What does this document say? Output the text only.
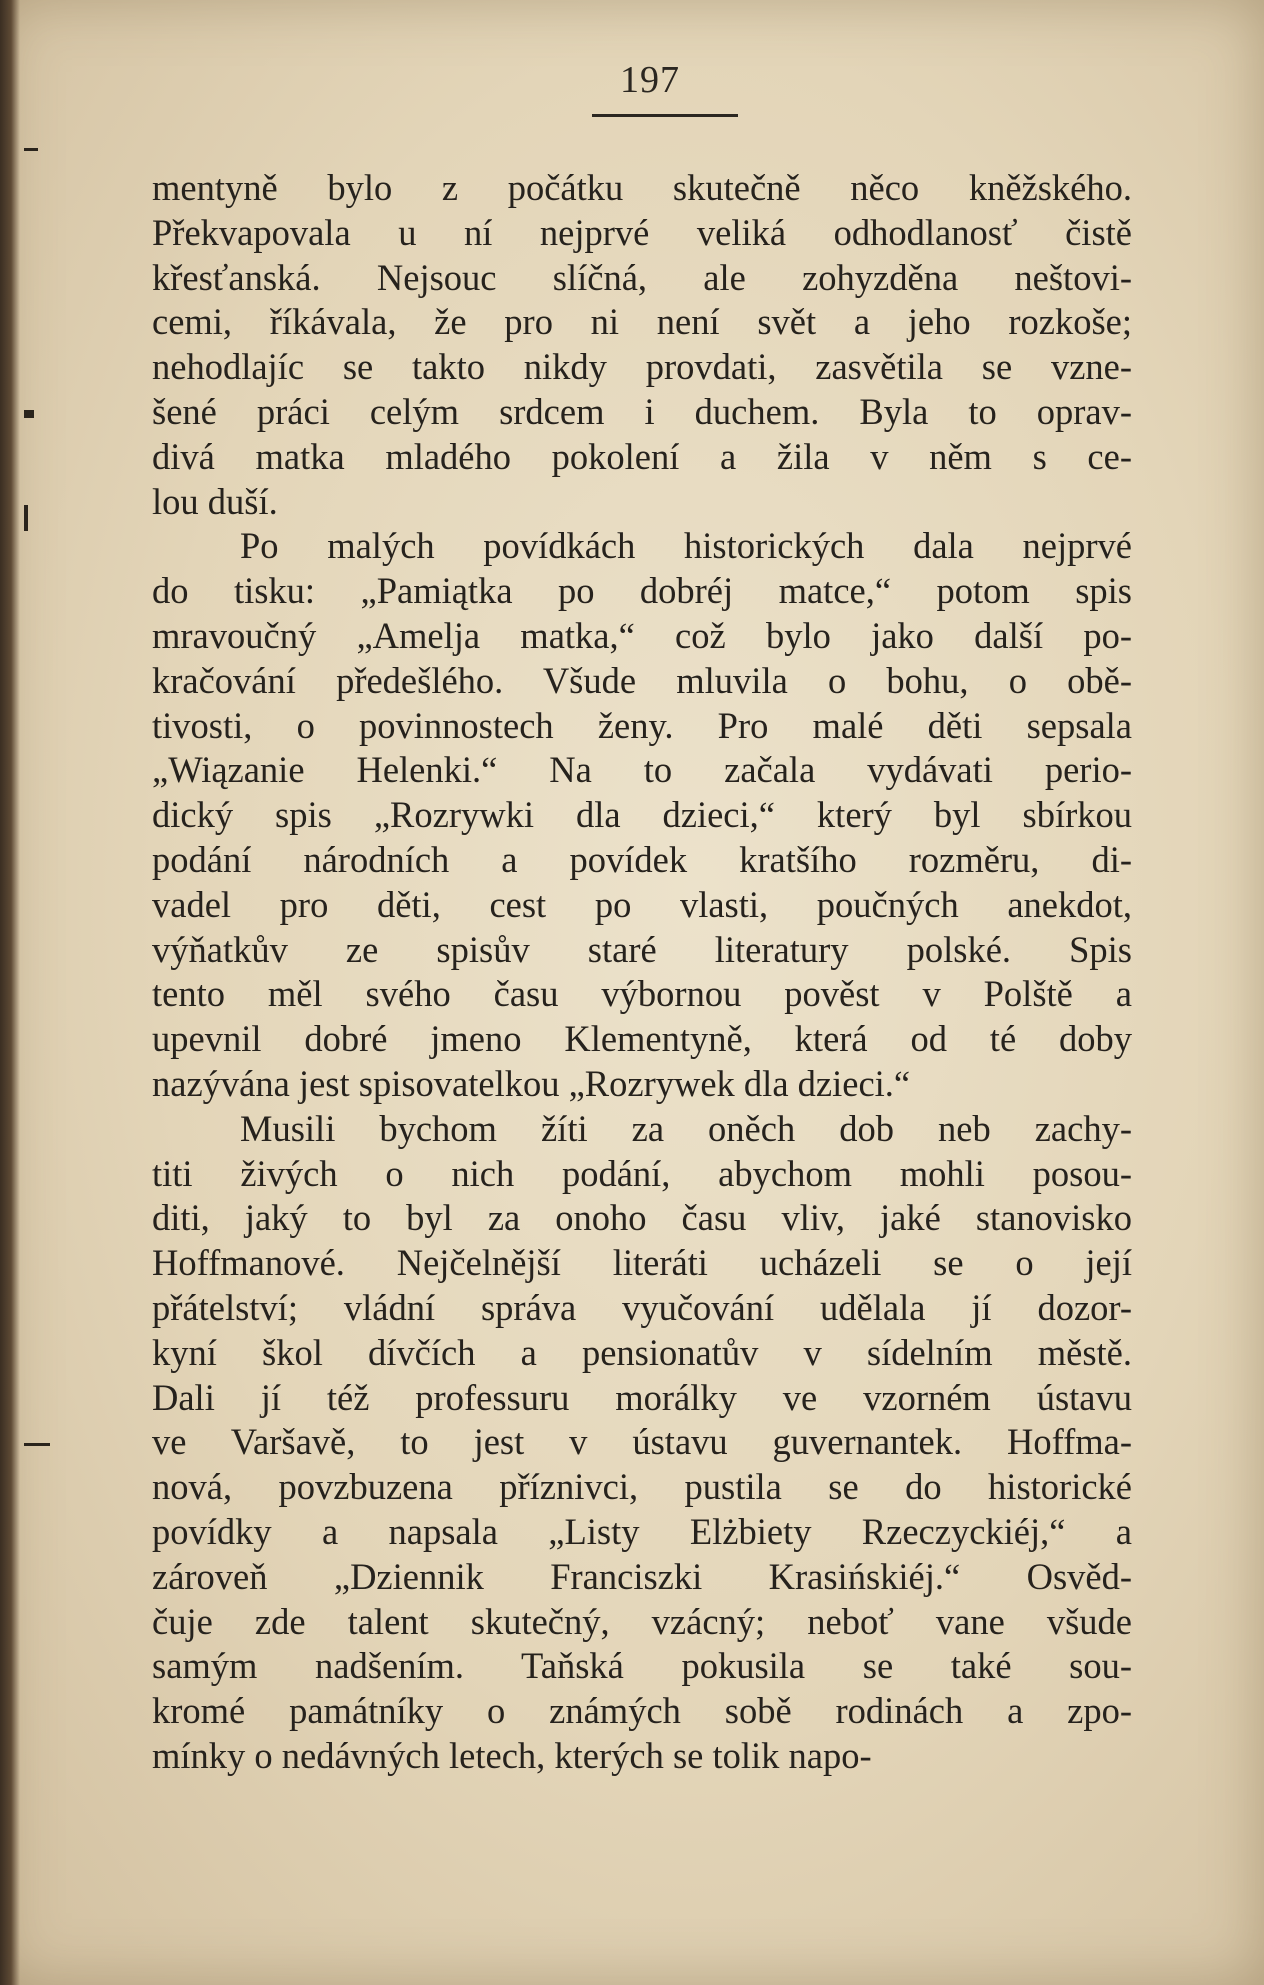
197
mentyně bylo z počátku skutečně něco kněžského.
Překvapovala u ní nejprvé veliká odhodlanosť čistě
křesťanská. Nejsouc slíčná, ale zohyzděna neštovi-
cemi, říkávala, že pro ni není svět a jeho rozkoše;
nehodlajíc se takto nikdy provdati, zasvětila se vzne-
šené práci celým srdcem i duchem. Byla to oprav-
divá matka mladého pokolení a žila v něm s ce-
lou duší.
Po malých povídkách historických dala nejprvé
do tisku: „Pamiątka po dobréj matce,“ potom spis
mravoučný „Amelja matka,“ což bylo jako další po-
kračování předešlého. Všude mluvila o bohu, o obě-
tivosti, o povinnostech ženy. Pro malé děti sepsala
„Wiązanie Helenki.“ Na to začala vydávati perio-
dický spis „Rozrywki dla dzieci,“ který byl sbírkou
podání národních a povídek kratšího rozměru, di-
vadel pro děti, cest po vlasti, poučných anekdot,
výňatkův ze spisův staré literatury polské. Spis
tento měl svého času výbornou pověst v Polště a
upevnil dobré jmeno Klementyně, která od té doby
nazývána jest spisovatelkou „Rozrywek dla dzieci.“
Musili bychom žíti za oněch dob neb zachy-
titi živých o nich podání, abychom mohli posou-
diti, jaký to byl za onoho času vliv, jaké stanovisko
Hoffmanové. Nejčelnější literáti ucházeli se o její
přátelství; vládní správa vyučování udělala jí dozor-
kyní škol dívčích a pensionatův v sídelním městě.
Dali jí též professuru morálky ve vzorném ústavu
ve Varšavě, to jest v ústavu guvernantek. Hoffma-
nová, povzbuzena příznivci, pustila se do historické
povídky a napsala „Listy Elżbiety Rzeczyckiéj,“ a
zároveň „Dziennik Franciszki Krasińskiéj.“ Osvěd-
čuje zde talent skutečný, vzácný; neboť vane všude
samým nadšením. Taňská pokusila se také sou-
kromé památníky o známých sobě rodinách a zpo-
mínky o nedávných letech, kterých se tolik napo-
